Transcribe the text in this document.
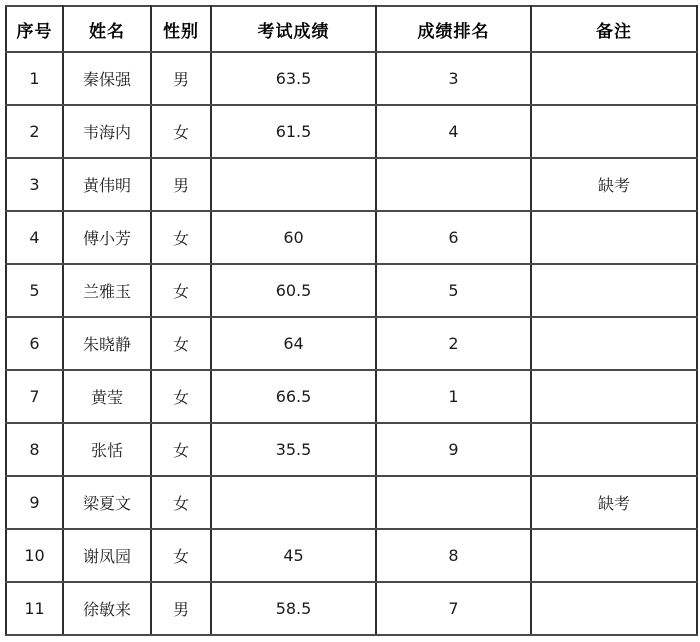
序号	姓名	性别	考试成绩	成绩排名	备注
1	秦保强	男	63.5	3	
2	韦海内	女	61.5	4	
3	黄伟明	男			缺考
4	傅小芳	女	60	6	
5	兰雅玉	女	60.5	5	
6	朱晓静	女	64	2	
7	黄莹	女	66.5	1	
8	张恬	女	35.5	9	
9	梁夏文	女			缺考
10	谢凤园	女	45	8	
11	徐敏来	男	58.5	7	
